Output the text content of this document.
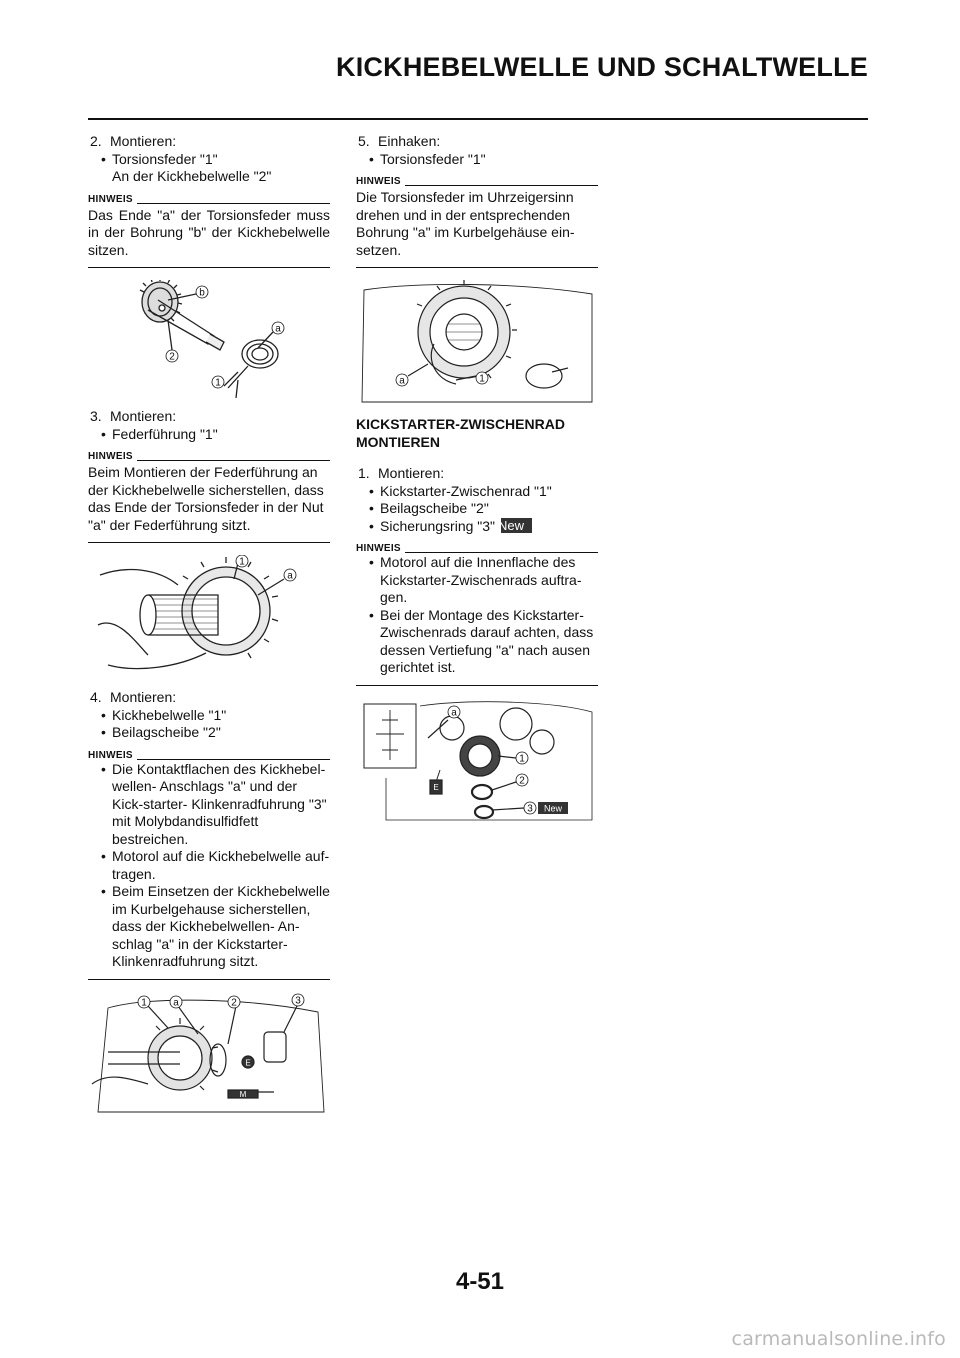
KICKHEBELWELLE UND SCHALTWELLE

2. Montieren:

• Torsionsfeder "1"

An der Kickhebelwelle "2"

HINWEIS

Das Ende "a" der Torsionsfeder muss in der Bohrung "b" der Kickhebelwelle sitzen.

b
a
2
1

3. Montieren:

• Federführung "1"

HINWEIS

Beim Montieren der Federführung an der Kickhebelwelle sicherstellen, dass das Ende der Torsionsfeder in der Nut "a" der Federführung sitzt.

1
a

4. Montieren:

• Kickhebelwelle "1"

• Beilagscheibe "2"

HINWEIS

• Die Kontaktflachen des Kickhebel-wellen- Anschlags "a" und der Kick-starter- Klinkenradfuhrung "3" mit Molybdandisulfidfett bestreichen.

• Motorol auf die Kickhebelwelle auf-tragen.

• Beim Einsetzen der Kickhebelwelle im Kurbelgehause sicherstellen, dass der Kickhebelwellen- An-schlag "a" in der Kickstarter-Klinkenradfuhrung sitzt.

1	a	2	3
E
M

5. Einhaken:

• Torsionsfeder "1"

HINWEIS

Die Torsionsfeder im Uhrzeigersinn drehen und in der entsprechenden Bohrung "a" im Kurbelgehäuse ein-setzen.

a	1

KICKSTARTER-ZWISCHENRAD MONTIEREN

1. Montieren:

• Kickstarter-Zwischenrad "1"

• Beilagscheibe "2"

• Sicherungsring "3" New

HINWEIS

• Motorol auf die Innenflache des Kickstarter-Zwischenrads auftra-gen.

• Bei der Montage des Kickstarter-Zwischenrads darauf achten, dass dessen Vertiefung "a" nach ausen gerichtet ist.

a
1
2
3
E
New
4-51
carmanualsonline.info
